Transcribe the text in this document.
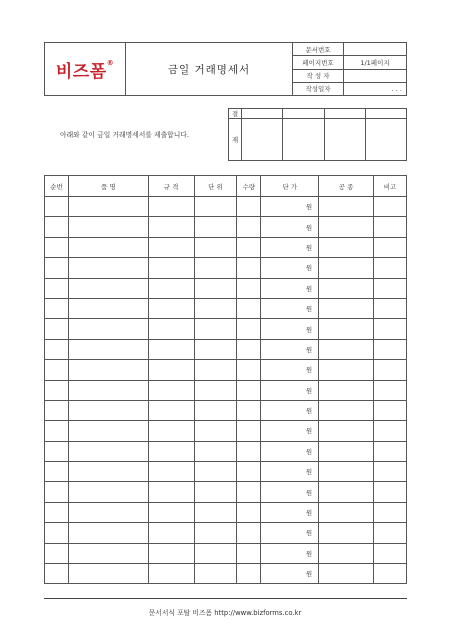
비즈폼®	금일 거래명세서	문서번호	
		페이지번호	1/1페이지
		작 성 자	
		작성일자	. . .
아래와 같이 금일 거래명세서를 제출합니다.
결				

재				
순번	품 명	규 격	단 위	수량	단 가	공 종	비고
					원		
					원		
					원		
					원		
					원		
					원		
					원		
					원		
					원		
					원		
					원		
					원		
					원		
					원		
					원		
					원		
					원		
					원		
					원		
문서서식 포탈 비즈폼 http://www.bizforms.co.kr
